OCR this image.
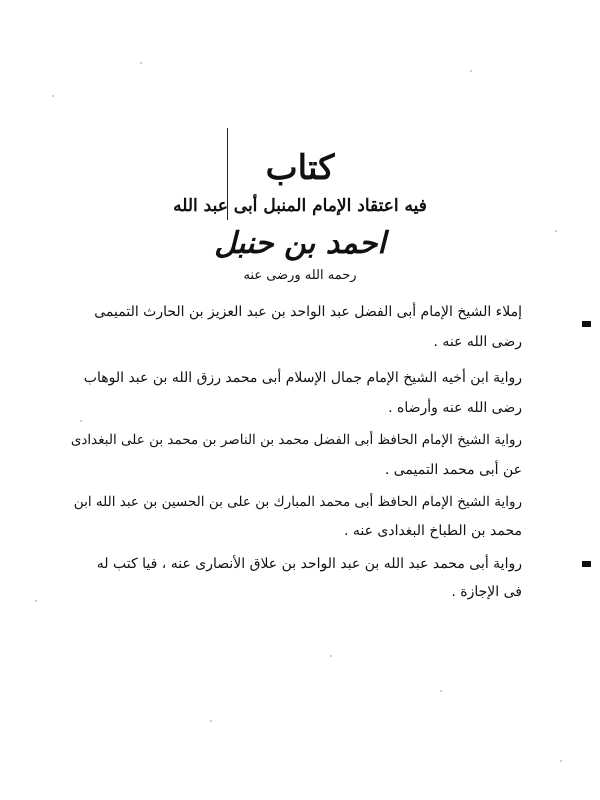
كتاب
فيه اعتقاد الإمام المنبل أبى عبد الله
احمد بن حنبل
رحمه الله ورضى عنه
إملاء الشيخ الإمام أبى الفضل عبد الواحد بن عبد العزيز بن الحارث التميمى
رضى الله عنه .
رواية ابن أخيه الشيخ الإمام جمال الإسلام أبى محمد رزق الله بن عبد الوهاب
رضى الله عنه وأرضاه .
رواية الشيخ الإمام الحافظ أبى الفضل محمد بن الناصر بن محمد بن على البغدادى
عن أبى محمد التميمى .
رواية الشيخ الإمام الحافظ أبى محمد المبارك بن على بن الحسين بن عبد الله ابن
محمد بن الطباخ البغدادى عنه .
رواية أبى محمد عبد الله بن عبد الواحد بن علاق الأنصارى عنه ، فيا كتب له
فى الإجازة .
